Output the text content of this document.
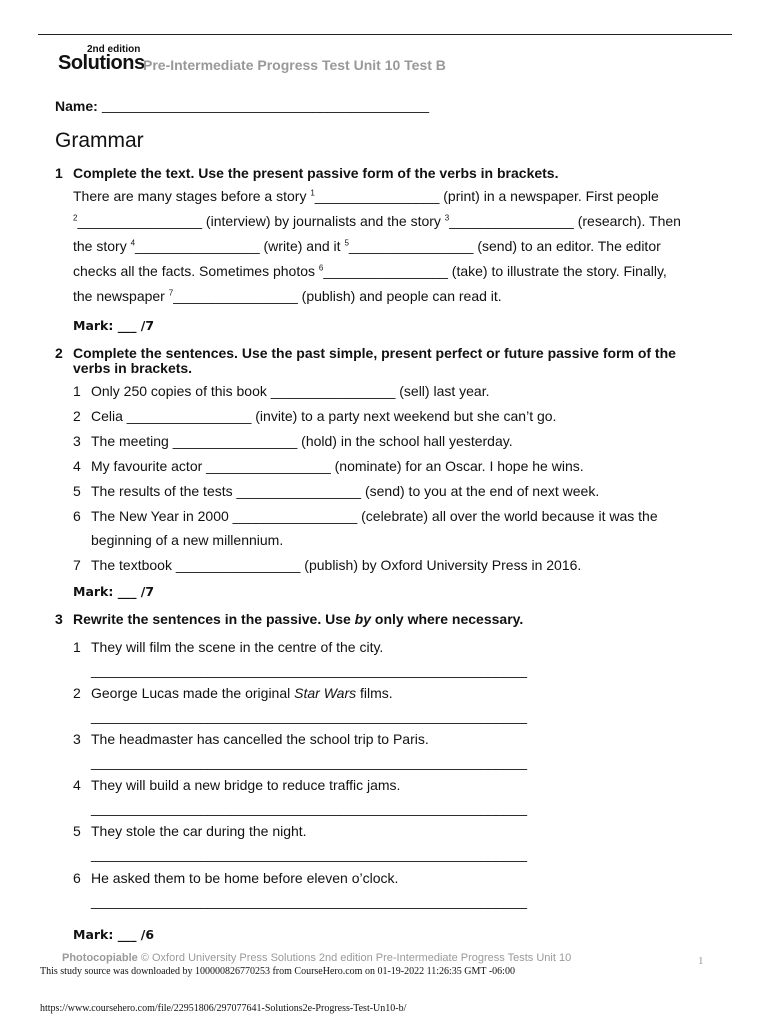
2nd edition
Solutions
Pre-Intermediate Progress Test Unit 10 Test B
Name: __________________________________________
Grammar
1 Complete the text. Use the present passive form of the verbs in brackets.
There are many stages before a story $^1$________________ (print) in a newspaper. First people
$^2$________________ (interview) by journalists and the story $^3$________________ (research). Then
the story $^4$________________ (write) and it $^5$________________ (send) to an editor. The editor
checks all the facts. Sometimes photos $^6$________________ (take) to illustrate the story. Finally,
the newspaper $^7$________________ (publish) and people can read it.
Mark: ___ /7
2 Complete the sentences. Use the past simple, present perfect or future passive form of the
verbs in brackets.
1 Only 250 copies of this book ________________ (sell) last year.
2 Celia ________________ (invite) to a party next weekend but she can’t go.
3 The meeting ________________ (hold) in the school hall yesterday.
4 My favourite actor ________________ (nominate) for an Oscar. I hope he wins.
5 The results of the tests ________________ (send) to you at the end of next week.
6 The New Year in 2000 ________________ (celebrate) all over the world because it was the
beginning of a new millennium.
7 The textbook ________________ (publish) by Oxford University Press in 2016.
Mark: ___ /7
3 Rewrite the sentences in the passive. Use by only where necessary.
1 They will film the scene in the centre of the city.
________________________________________________________
2 George Lucas made the original Star Wars films.
________________________________________________________
3 The headmaster has cancelled the school trip to Paris.
________________________________________________________
4 They will build a new bridge to reduce traffic jams.
________________________________________________________
5 They stole the car during the night.
________________________________________________________
6 He asked them to be home before eleven o’clock.
________________________________________________________
Mark: ___ /6
Photocopiable © Oxford University Press Solutions 2nd edition Pre-Intermediate Progress Tests Unit 10	1
This study source was downloaded by 100000826770253 from CourseHero.com on 01-19-2022 11:26:35 GMT -06:00
https://www.coursehero.com/file/22951806/297077641-Solutions2e-Progress-Test-Un10-b/
